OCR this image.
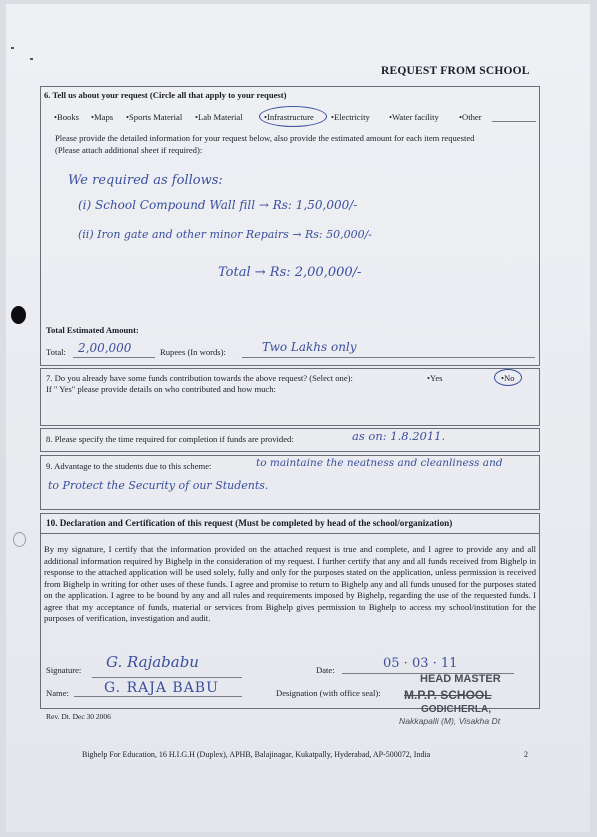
REQUEST FROM SCHOOL
6. Tell us about your request (Circle all that apply to your request)
•Books •Maps •Sports Material •Lab Material •Infrastructure •Electricity •Water facility •Other
Please provide the detailed information for your request below, also provide the estimated amount for each item requested
(Please attach additional sheet if required):
We required as follows:
(i) School Compound Wall fill → Rs: 1,50,000/-
(ii) Iron gate and other minor Repairs → Rs: 50,000/-
Total → Rs: 2,00,000/-
Total Estimated Amount:
Total: 2,00,000	Rupees (In words):	Two Lakhs only
7. Do you already have some funds contribution towards the above request? (Select one):	•Yes	•No
If " Yes" please provide details on who contributed and how much:
8. Please specify the time required for completion if funds are provided:	as on: 1.8.2011.
9. Advantage to the students due to this scheme:	to maintaine the neatness and cleanliness and
to Protect the Security of our Students.
10. Declaration and Certification of this request (Must be completed by head of the school/organization)
By my signature, I certify that the information provided on the attached request is true and complete, and I agree to provide any and all additional information required by Bighelp in the consideration of my request. I further certify that any and all funds received from Bighelp in response to the attached application will be used solely, fully and only for the purposes stated on the application, unless permission is received from Bighelp in writing for other uses of these funds. I agree and promise to return to Bighelp any and all funds unused for the purposes stated on the application. I agree to be bound by any and all rules and requirements imposed by Bighelp, regarding the use of the requested funds. I agree that my acceptance of funds, material or services from Bighelp gives permission to Bighelp to access my school/institution for the purposes of verification, investigation and audit.
Signature: G. Rajababu	Date:	05 · 03 · 11
Name:	G. RAJA BABU	Designation (with office seal):
HEAD MASTER
M.P.P. SCHOOL
GODICHERLA,
Nakkapalli (M), Visakha Dt
Rev. Dt. Dec 30 2006
Bighelp For Education, 16 H.I.G.H (Duplex), APHB, Balajinagar, Kukatpally, Hyderabad, AP-500072, India	2
